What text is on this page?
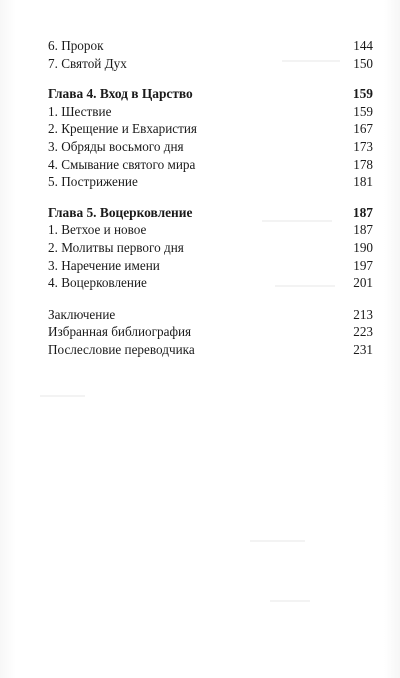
6. Пророк	144
7. Святой Дух	150
Глава 4. Вход в Царство	159
1. Шествие	159
2. Крещение и Евхаристия	167
3. Обряды восьмого дня	173
4. Смывание святого мира	178
5. Пострижение	181
Глава 5. Воцерковление	187
1. Ветхое и новое	187
2. Молитвы первого дня	190
3. Наречение имени	197
4. Воцерковление	201
Заключение	213
Избранная библиография	223
Послесловие переводчика	231
